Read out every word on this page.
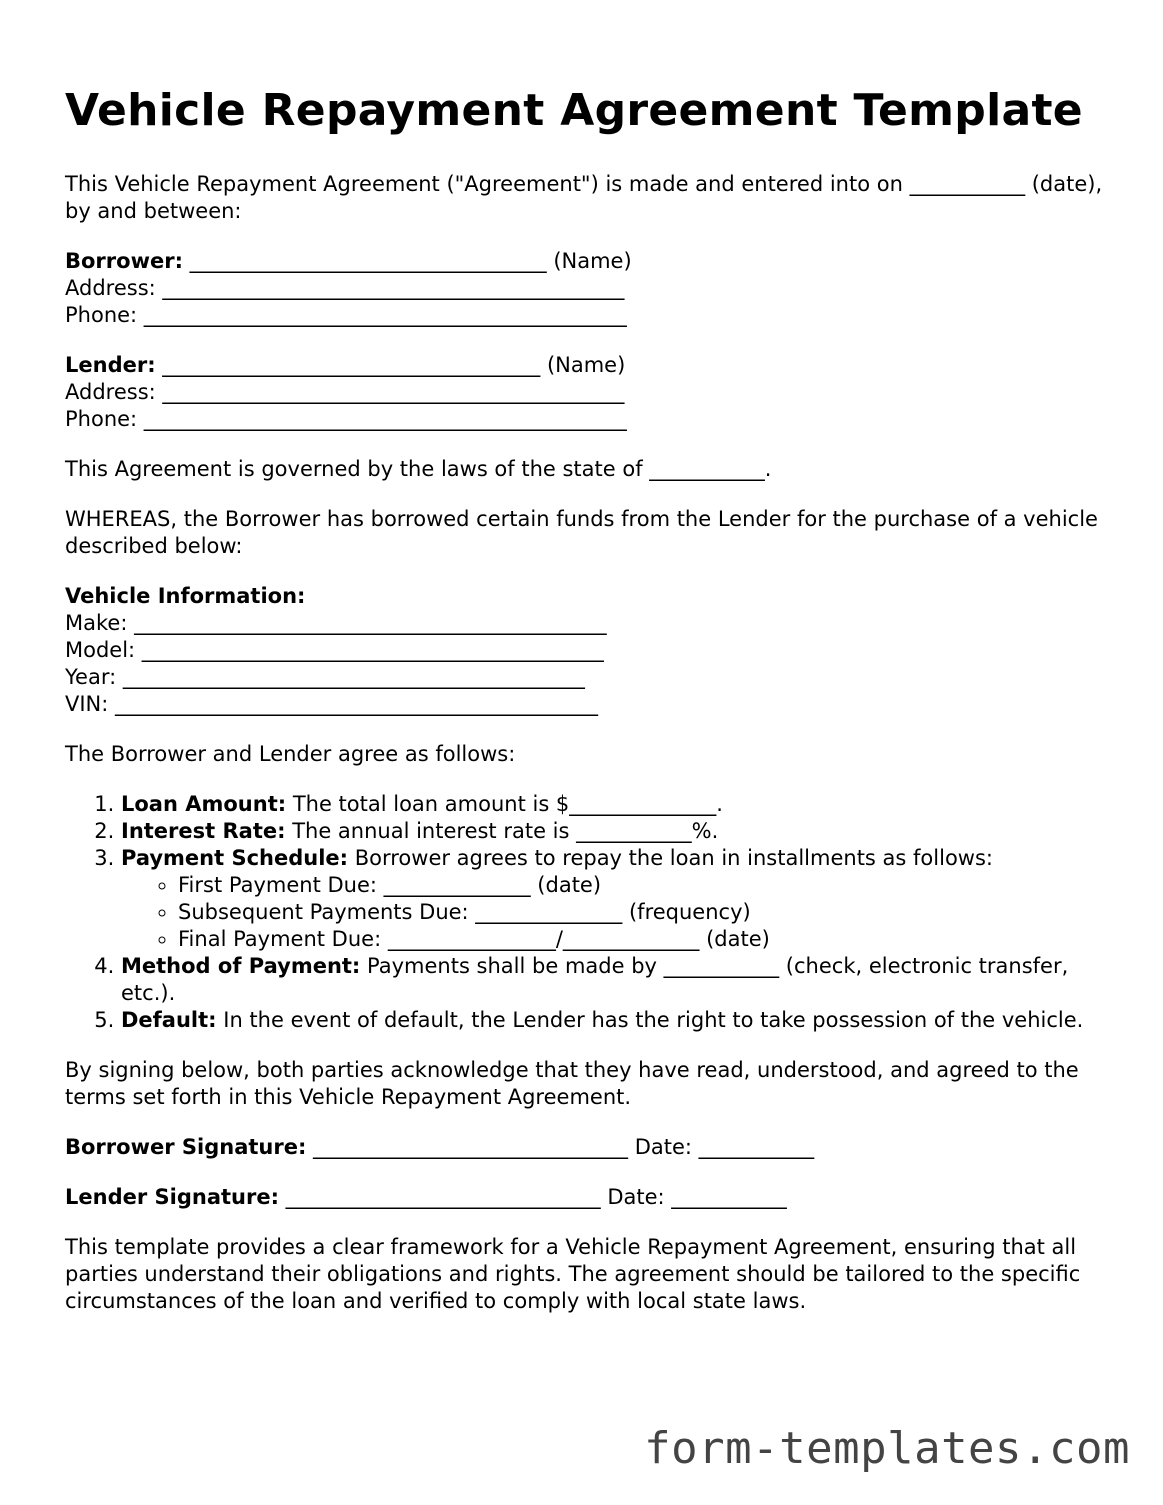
Vehicle Repayment Agreement Template

This Vehicle Repayment Agreement ("Agreement") is made and entered into on ___________ (date), by and between:

Borrower: __________________________________ (Name)
Address: ____________________________________________
Phone: ______________________________________________
Lender: ____________________________________ (Name)
Address: ____________________________________________
Phone: ______________________________________________

This Agreement is governed by the laws of the state of ___________.

WHEREAS, the Borrower has borrowed certain funds from the Lender for the purchase of a vehicle described below:

Vehicle Information:
Make: _____________________________________________
Model: ____________________________________________
Year: ____________________________________________
VIN: ______________________________________________

The Borrower and Lender agree as follows:

1. Loan Amount: The total loan amount is $______________.
2. Interest Rate: The annual interest rate is ___________%.
3. Payment Schedule: Borrower agrees to repay the loan in installments as follows:
◦ First Payment Due: ______________ (date)
◦ Subsequent Payments Due: ______________ (frequency)
◦ Final Payment Due: ________________/_____________ (date)
4. Method of Payment: Payments shall be made by ___________ (check, electronic transfer, etc.).
5. Default: In the event of default, the Lender has the right to take possession of the vehicle.

By signing below, both parties acknowledge that they have read, understood, and agreed to the terms set forth in this Vehicle Repayment Agreement.

Borrower Signature: ______________________________ Date: ___________
Lender Signature: ______________________________ Date: ___________

This template provides a clear framework for a Vehicle Repayment Agreement, ensuring that all parties understand their obligations and rights. The agreement should be tailored to the specific circumstances of the loan and verified to comply with local state laws.

form-templates.com
